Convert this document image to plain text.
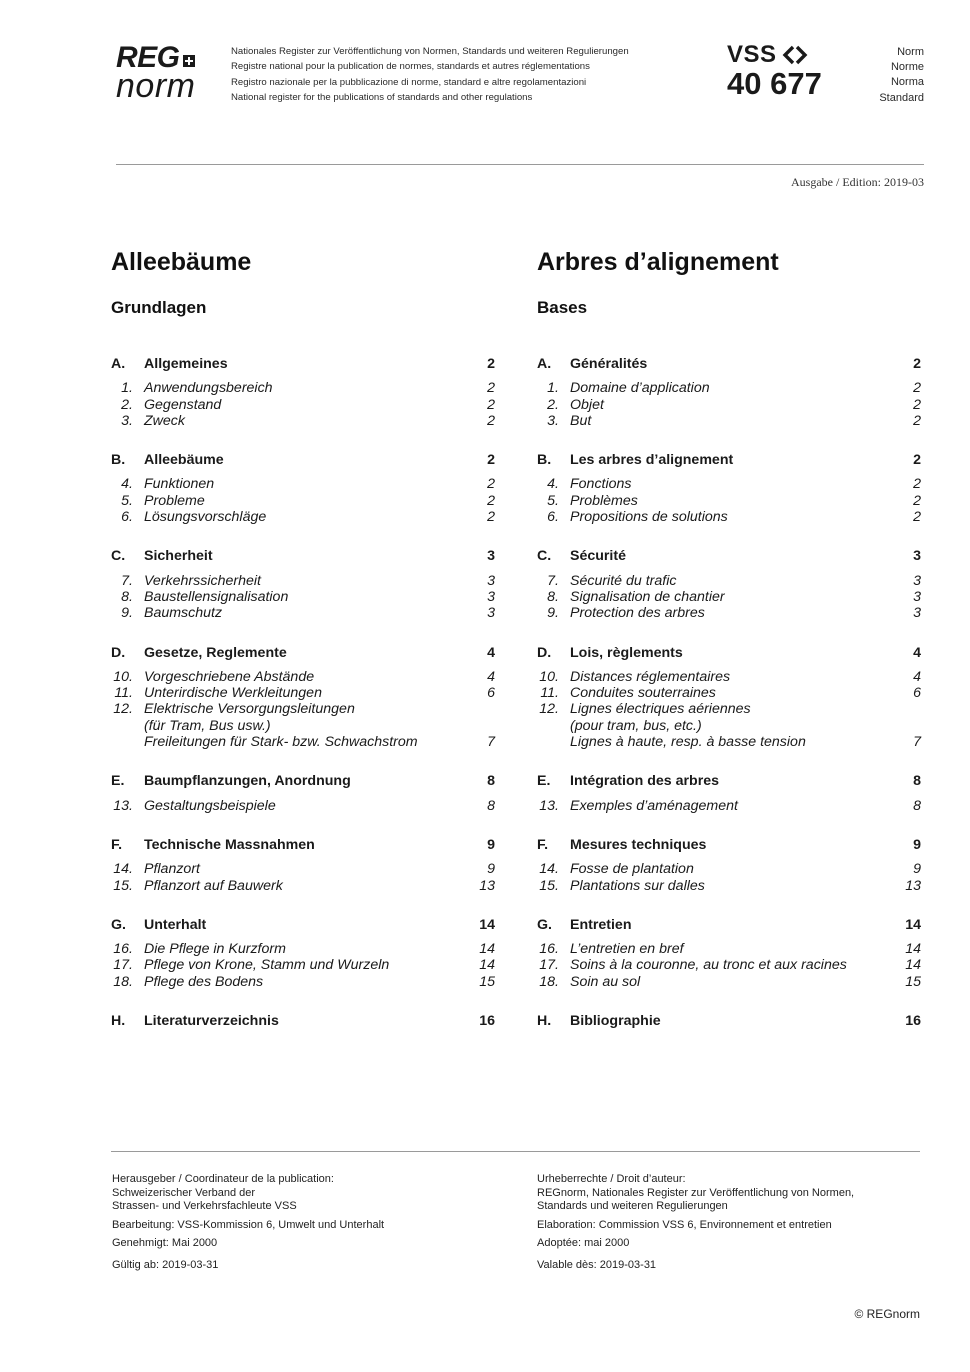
REG
norm
Nationales Register zur Veröffentlichung von Normen, Standards und weiteren Regulierungen
Registre national pour la publication de normes, standards et autres réglementations
Registro nazionale per la pubblicazione di norme, standard e altre regolamentazioni
National register for the publications of standards and other regulations
VSS
40 677
Norm
Norme
Norma
Standard
Ausgabe / Edition: 2019-03
Alleebäume
Grundlagen
A.	Allgemeines	2
1. Anwendungsbereich	2
2. Gegenstand	2
3. Zweck	2
B.	Alleebäume	2
4. Funktionen	2
5. Probleme	2
6. Lösungsvorschläge	2
C.	Sicherheit	3
7. Verkehrssicherheit	3
8. Baustellensignalisation	3
9. Baumschutz	3
D.	Gesetze, Reglemente	4
10. Vorgeschriebene Abstände	4
11. Unterirdische Werkleitungen	6
12. Elektrische Versorgungsleitungen
(für Tram, Bus usw.)
Freileitungen für Stark- bzw. Schwachstrom	7
E.	Baumpflanzungen, Anordnung	8
13. Gestaltungsbeispiele	8
F.	Technische Massnahmen	9
14. Pflanzort	9
15. Pflanzort auf Bauwerk	13
G.	Unterhalt	14
16. Die Pflege in Kurzform	14
17. Pflege von Krone, Stamm und Wurzeln	14
18. Pflege des Bodens	15
H.	Literaturverzeichnis	16
Arbres d’alignement
Bases
A.	Généralités	2
1. Domaine d’application	2
2. Objet	2
3. But	2
B.	Les arbres d’alignement	2
4. Fonctions	2
5. Problèmes	2
6. Propositions de solutions	2
C.	Sécurité	3
7. Sécurité du trafic	3
8. Signalisation de chantier	3
9. Protection des arbres	3
D.	Lois, règlements	4
10. Distances réglementaires	4
11. Conduites souterraines	6
12. Lignes électriques aériennes
(pour tram, bus, etc.)
Lignes à haute, resp. à basse tension	7
E.	Intégration des arbres	8
13. Exemples d’aménagement	8
F.	Mesures techniques	9
14. Fosse de plantation	9
15. Plantations sur dalles	13
G.	Entretien	14
16. L’entretien en bref	14
17. Soins à la couronne, au tronc et aux racines	14
18. Soin au sol	15
H.	Bibliographie	16

Herausgeber / Coordinateur de la publication:
Schweizerischer Verband der
Strassen- und Verkehrsfachleute VSS

Bearbeitung: VSS-Kommission 6, Umwelt und Unterhalt

Genehmigt: Mai 2000

Gültig ab: 2019-03-31

Urheberrechte / Droit d’auteur:
REGnorm, Nationales Register zur Veröffentlichung von Normen,
Standards und weiteren Regulierungen

Elaboration: Commission VSS 6, Environnement et entretien

Adoptée: mai 2000

Valable dès: 2019-03-31

© REGnorm
